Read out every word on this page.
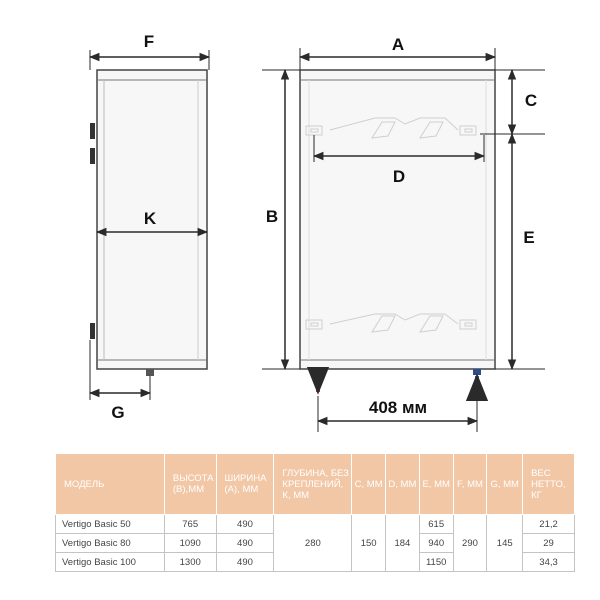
F
K
G
A
B
C
E
D
408 мм
МОДЕЛЬ	ВЫСОТА (B),ММ	ШИРИНА (A), ММ	ГЛУБИНА, БЕЗ КРЕПЛЕНИЙ, К, ММ	C, ММ	D, ММ	E, ММ	F, ММ	G, ММ	ВЕС НЕТТО, КГ
Vertigo Basic 50	765	490	280	150	184	615	290	145	21,2
Vertigo Basic 80	1090	490				940			29
Vertigo Basic 100	1300	490				1150			34,3
